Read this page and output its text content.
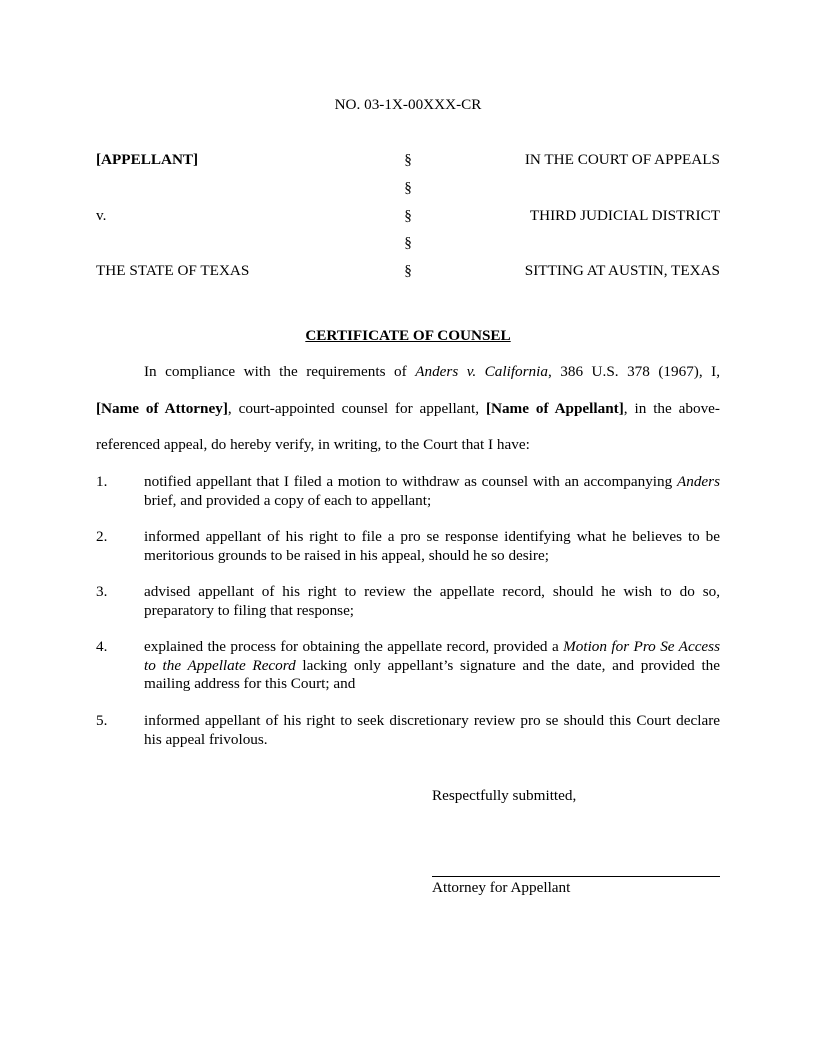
NO. 03-1X-00XXX-CR
[APPELLANT]
v.
THE STATE OF TEXAS
§
§
§
§
§
IN THE COURT OF APPEALS
THIRD JUDICIAL DISTRICT
SITTING AT AUSTIN, TEXAS
CERTIFICATE OF COUNSEL
In compliance with the requirements of Anders v. California, 386 U.S. 378 (1967), I,
[Name of Attorney], court-appointed counsel for appellant, [Name of Appellant], in the above-
referenced appeal, do hereby verify, in writing, to the Court that I have:
1. notified appellant that I filed a motion to withdraw as counsel with an accompanying Anders brief, and provided a copy of each to appellant;
2. informed appellant of his right to file a pro se response identifying what he believes to be meritorious grounds to be raised in his appeal, should he so desire;
3. advised appellant of his right to review the appellate record, should he wish to do so, preparatory to filing that response;
4. explained the process for obtaining the appellate record, provided a Motion for Pro Se Access to the Appellate Record lacking only appellant’s signature and the date, and provided the mailing address for this Court; and
5. informed appellant of his right to seek discretionary review pro se should this Court declare his appeal frivolous.
Respectfully submitted,
Attorney for Appellant
